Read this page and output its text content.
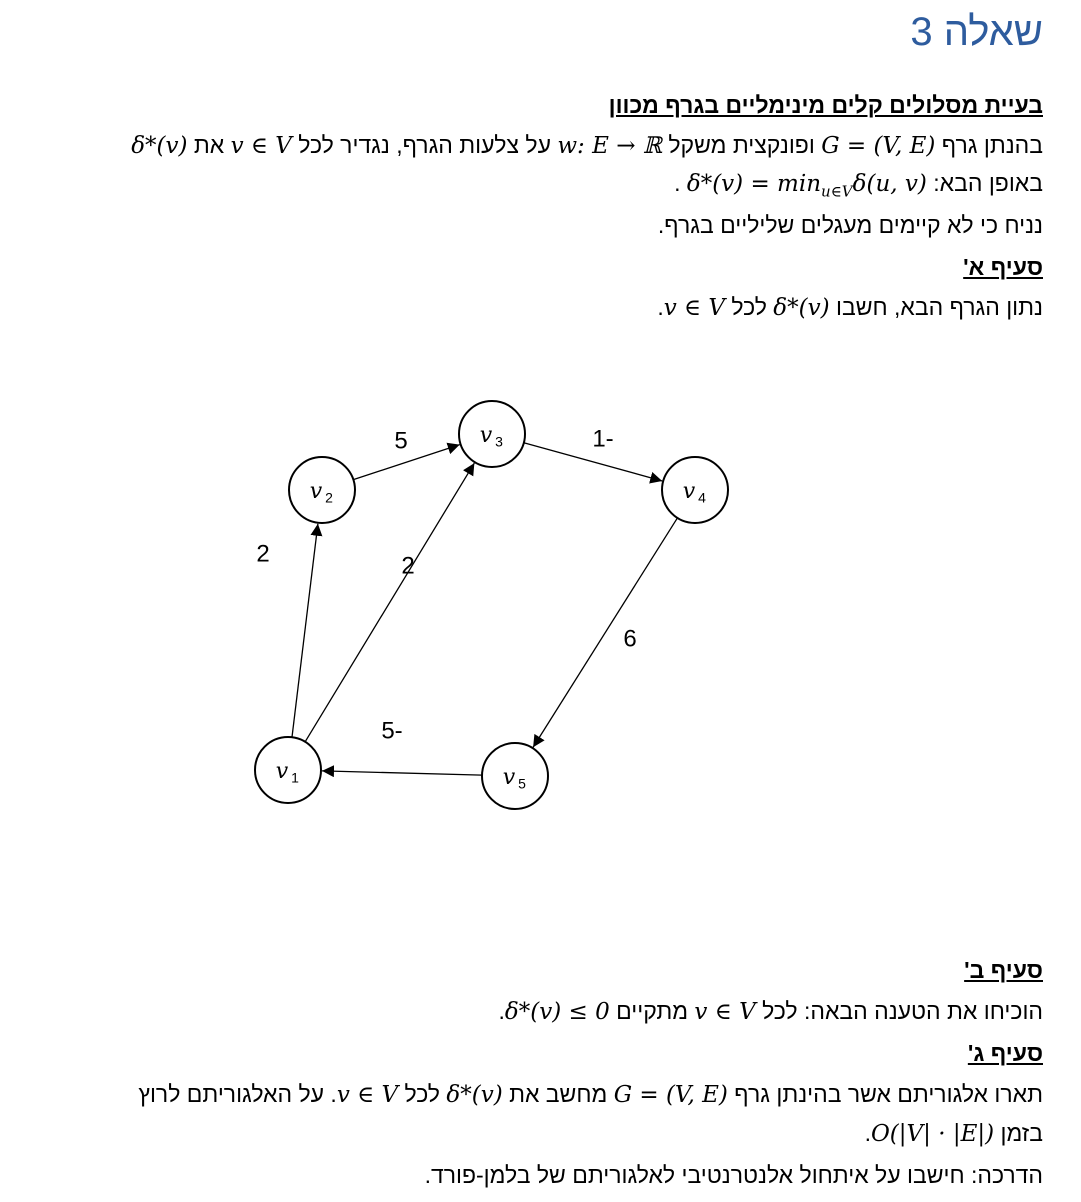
שאלה 3
בעיית מסלולים קלים מינימליים בגרף מכוון
בהנתן גרף G = (V, E) ופונקצית משקל w: E → ℝ על צלעות הגרף, נגדיר לכל v ∈ V את δ*(v)
באופן הבא: $\delta*(v) = \min_{u\in V}\delta(u$, v) .
נניח כי לא קיימים מעגלים שליליים בגרף.
סעיף א'
נתון הגרף הבא, חשבו δ*(v) לכל v ∈ V.
v 1
v 2
v 3
v 4
v 5
2	2
5	1-
6
5-
סעיף ב'
הוכיחו את הטענה הבאה: לכל v ∈ V מתקיים δ*(v) ≤ 0.
סעיף ג'
תארו אלגוריתם אשר בהינתן גרף G = (V, E) מחשב את δ*(v) לכל v ∈ V. על האלגוריתם לרוץ
בזמן O(|V| · |E|).
הדרכה: חישבו על איתחול אלנטרנטיבי לאלגוריתם של בלמן-פורד.
